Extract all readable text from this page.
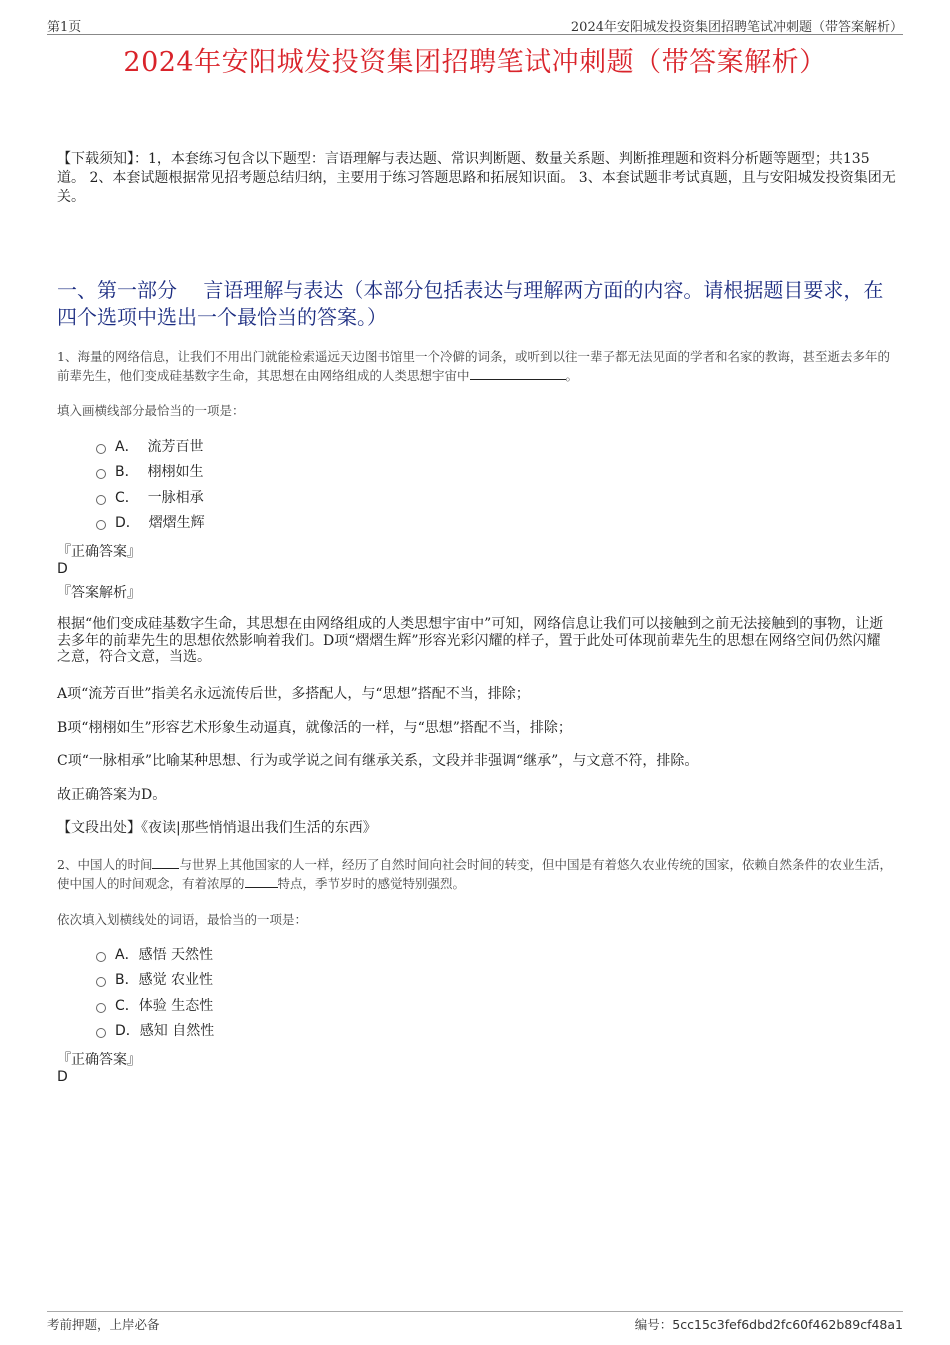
第1页	2024年安阳城发投资集团招聘笔试冲刺题（带答案解析）
2024年安阳城发投资集团招聘笔试冲刺题（带答案解析）
【下载须知】：1，本套练习包含以下题型：言语理解与表达题、常识判断题、数量关系题、判断推理题和资料分析题等题型；共135道。 2、本套试题根据常见招考题总结归纳，主要用于练习答题思路和拓展知识面。 3、本套试题非考试真题，且与安阳城发投资集团无关。
一、第一部分　 言语理解与表达（本部分包括表达与理解两方面的内容。请根据题目要求，在四个选项中选出一个最恰当的答案。）
1、海量的网络信息，让我们不用出门就能检索遥远天边图书馆里一个冷僻的词条，或听到以往一辈子都无法见面的学者和名家的教诲，甚至逝去多年的前辈先生，他们变成硅基数字生命，其思想在由网络组成的人类思想宇宙中	。
填入画横线部分最恰当的一项是：
A．
流芳百世
B．
栩栩如生
C．
一脉相承
D．
熠熠生辉
『正确答案』
D
『答案解析』
根据“他们变成硅基数字生命，其思想在由网络组成的人类思想宇宙中”可知，网络信息让我们可以接触到之前无法接触到的事物，让逝去多年的前辈先生的思想依然影响着我们。D项“熠熠生辉”形容光彩闪耀的样子，置于此处可体现前辈先生的思想在网络空间仍然闪耀之意，符合文意，当选。
A项“流芳百世”指美名永远流传后世，多搭配人，与“思想”搭配不当，排除；
B项“栩栩如生”形容艺术形象生动逼真，就像活的一样，与“思想”搭配不当，排除；
C项“一脉相承”比喻某种思想、行为或学说之间有继承关系，文段并非强调“继承”，与文意不符，排除。
故正确答案为D。
【文段出处】《夜读|那些悄悄退出我们生活的东西》
2、中国人的时间 与世界上其他国家的人一样，经历了自然时间向社会时间的转变，但中国是有着悠久农业传统的国家，依赖自然条件的农业生活，使中国人的时间观念，有着浓厚的	特点，季节岁时的感觉特别强烈。
依次填入划横线处的词语，最恰当的一项是：
A． 感悟 天然性
B． 感觉 农业性
C． 体验 生态性
D． 感知 自然性
『正确答案』
D
考前押题，上岸必备	编号：5cc15c3fef6dbd2fc60f462b89cf48a1
